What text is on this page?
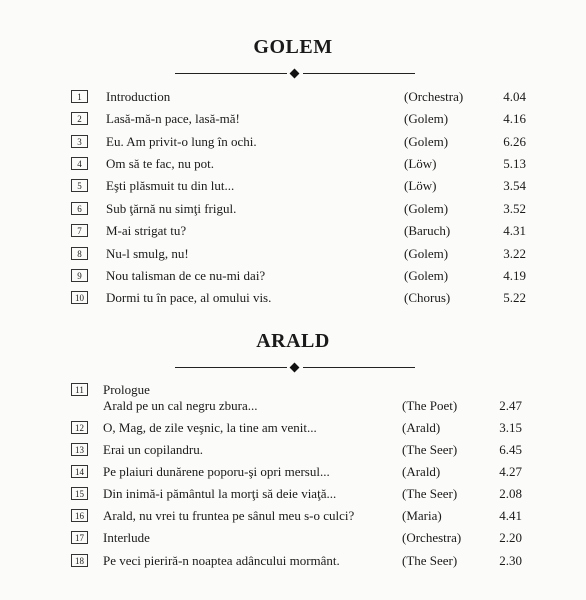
GOLEM
1	Introduction	(Orchestra)	4.04
2	Lasă-mă-n pace, lasă-mă!	(Golem)	4.16
3	Eu. Am privit-o lung în ochi.	(Golem)	6.26
4	Om să te fac, nu pot.	(Löw)	5.13
5	Eşti plăsmuit tu din lut...	(Löw)	3.54
6	Sub ţărnă nu simţi frigul.	(Golem)	3.52
7	M-ai strigat tu?	(Baruch)	4.31
8	Nu-l smulg, nu!	(Golem)	3.22
9	Nou talisman de ce nu-mi dai?	(Golem)	4.19
10	Dormi tu în pace, al omului vis.	(Chorus)	5.22
ARALD
11	Prologue
Arald pe un cal negru zbura...	(The Poet)	2.47
12	O, Mag, de zile veşnic, la tine am venit...	(Arald)	3.15
13	Erai un copilandru.	(The Seer)	6.45
14	Pe plaiuri dunărene poporu-şi opri mersul...	(Arald)	4.27
15	Din inimă-i pământul la morţi să deie viaţă...	(The Seer)	2.08
16	Arald, nu vrei tu fruntea pe sânul meu s-o culci?	(Maria)	4.41
17	Interlude	(Orchestra)	2.20
18	Pe veci pieriră-n noaptea adâncului mormânt.	(The Seer)	2.30
